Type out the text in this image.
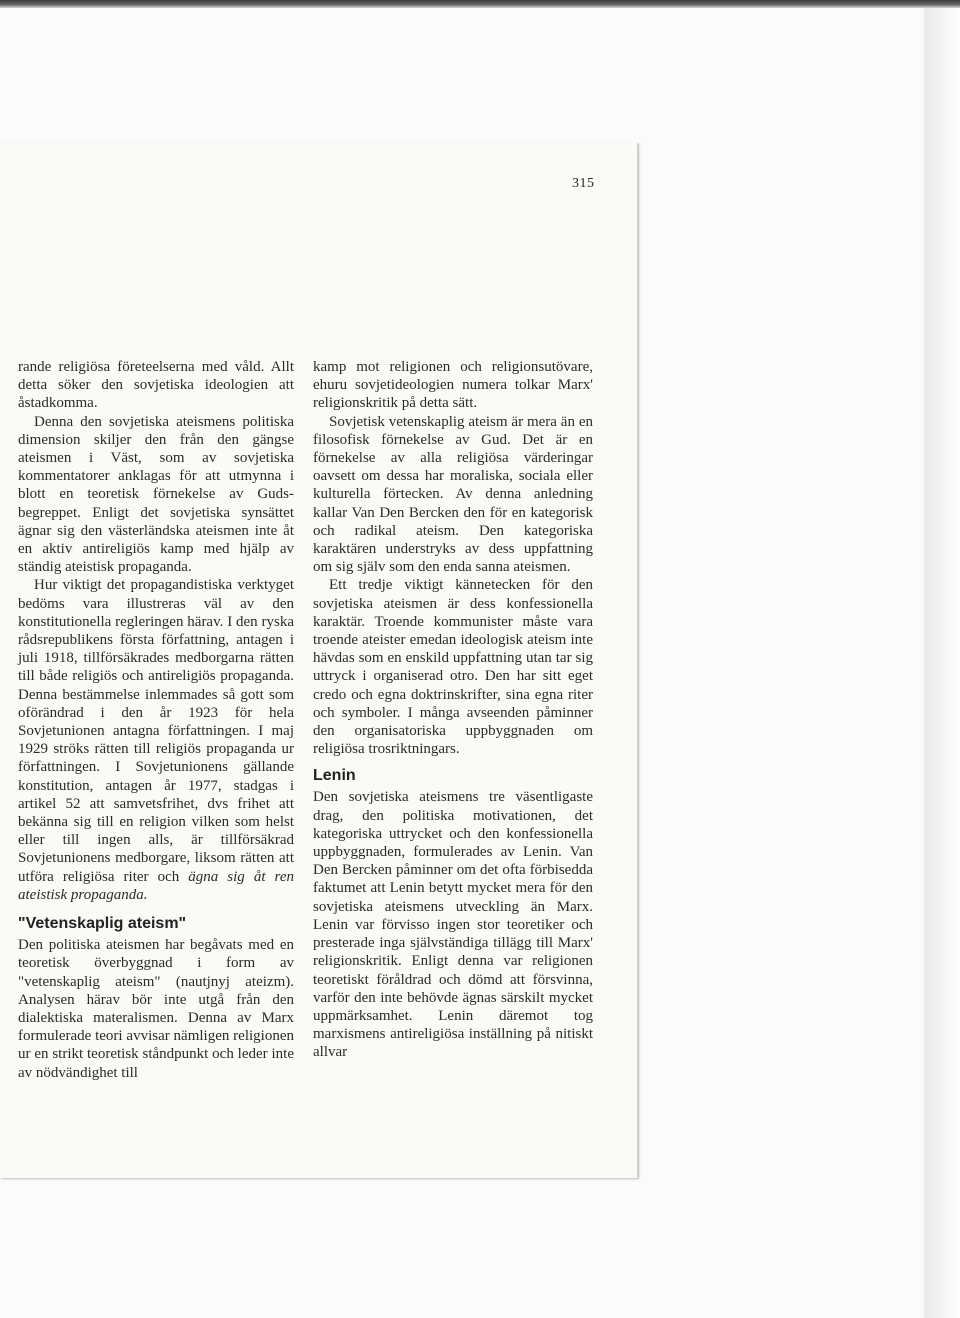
315

rande religiösa företeelserna med våld. Allt detta söker den sovjetiska ideologien att åstadkomma.

Denna den sovjetiska ateismens politiska dimension skiljer den från den gängse ateismen i Väst, som av sovjetiska kommentatorer anklagas för att utmynna i blott en teoretisk förnekelse av Guds-begreppet. Enligt det sovjetiska synsättet ägnar sig den västerländska ateismen inte åt en aktiv antireligiös kamp med hjälp av ständig ateistisk propaganda.

Hur viktigt det propagandistiska verktyget bedöms vara illustreras väl av den konstitutionella regleringen härav. I den ryska rådsrepublikens första författning, antagen i juli 1918, tillförsäkrades medborgarna rätten till både religiös och antireligiös propaganda. Denna bestämmelse inlemmades så gott som oförändrad i den år 1923 för hela Sovjetunionen antagna författningen. I maj 1929 ströks rätten till religiös propaganda ur författningen. I Sovjetunionens gällande konstitution, antagen år 1977, stadgas i artikel 52 att samvetsfrihet, dvs frihet att bekänna sig till en religion vilken som helst eller till ingen alls, är tillförsäkrad Sovjetunionens medborgare, liksom rätten att utföra religiösa riter och ägna sig åt ren ateistisk propaganda.

"Vetenskaplig ateism"

Den politiska ateismen har begåvats med en teoretisk överbyggnad i form av "vetenskaplig ateism" (nautjnyj ateizm). Analysen härav bör inte utgå från den dialektiska materalismen. Denna av Marx formulerade teori avvisar nämligen religionen ur en strikt teoretisk ståndpunkt och leder inte av nödvändighet till

kamp mot religionen och religionsutövare, ehuru sovjetideologien numera tolkar Marx' religionskritik på detta sätt.

Sovjetisk vetenskaplig ateism är mera än en filosofisk förnekelse av Gud. Det är en förnekelse av alla religiösa värderingar oavsett om dessa har moraliska, sociala eller kulturella förtecken. Av denna anledning kallar Van Den Bercken den för en kategorisk och radikal ateism. Den kategoriska karaktären understryks av dess uppfattning om sig själv som den enda sanna ateismen.

Ett tredje viktigt kännetecken för den sovjetiska ateismen är dess konfessionella karaktär. Troende kommunister måste vara troende ateister emedan ideologisk ateism inte hävdas som en enskild uppfattning utan tar sig uttryck i organiserad otro. Den har sitt eget credo och egna doktrinskrifter, sina egna riter och symboler. I många avseenden påminner den organisatoriska uppbyggnaden om religiösa trosriktningars.

Lenin

Den sovjetiska ateismens tre väsentligaste drag, den politiska motivationen, det kategoriska uttrycket och den konfessionella uppbyggnaden, formulerades av Lenin. Van Den Bercken påminner om det ofta förbisedda faktumet att Lenin betytt mycket mera för den sovjetiska ateismens utveckling än Marx. Lenin var förvisso ingen stor teoretiker och presterade inga självständiga tillägg till Marx' religionskritik. Enligt denna var religionen teoretiskt föråldrad och dömd att försvinna, varför den inte behövde ägnas särskilt mycket uppmärksamhet. Lenin däremot tog marxismens antireligiösa inställning på nitiskt allvar
